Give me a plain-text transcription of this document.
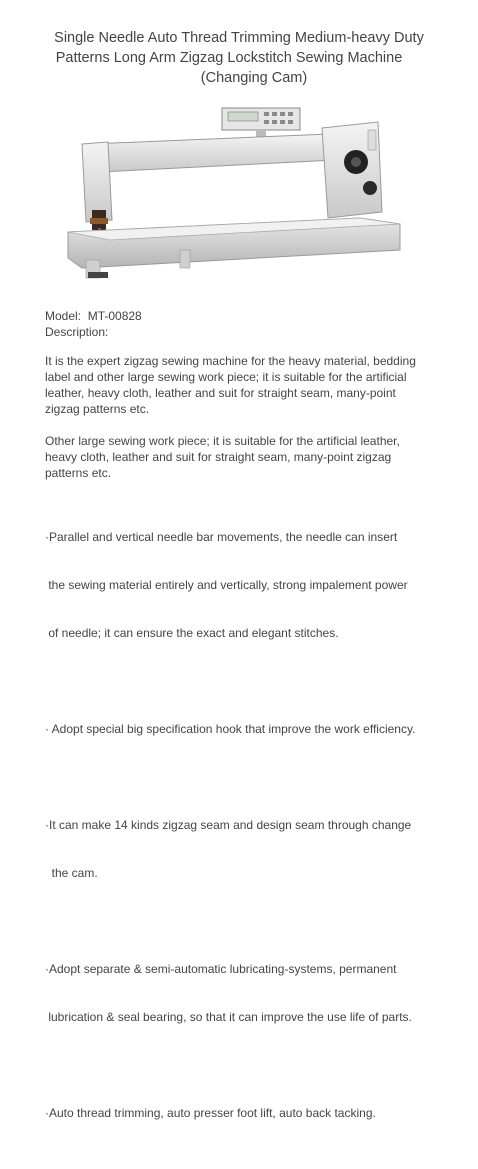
Single Needle Auto Thread Trimming Medium-heavy Duty
Patterns Long Arm Zigzag Lockstitch Sewing Machine
(Changing Cam)
Model: MT-00828
Description:
It is the expert zigzag sewing machine for the heavy material, bedding
label and other large sewing work piece; it is suitable for the artificial
leather, heavy cloth, leather and suit for straight seam, many-point
zigzag patterns etc.
Other large sewing work piece; it is suitable for the artificial leather,
heavy cloth, leather and suit for straight seam, many-point zigzag
patterns etc.

·Parallel and vertical needle bar movements, the needle can insert

the sewing material entirely and vertically, strong impalement power

of needle; it can ensure the exact and elegant stitches.

· Adopt special big specification hook that improve the work efficiency.

·It can make 14 kinds zigzag seam and design seam through change

the cam.

·Adopt separate & semi-automatic lubricating-systems, permanent

lubrication & seal bearing, so that it can improve the use life of parts.

·Auto thread trimming, auto presser foot lift, auto back tacking.
